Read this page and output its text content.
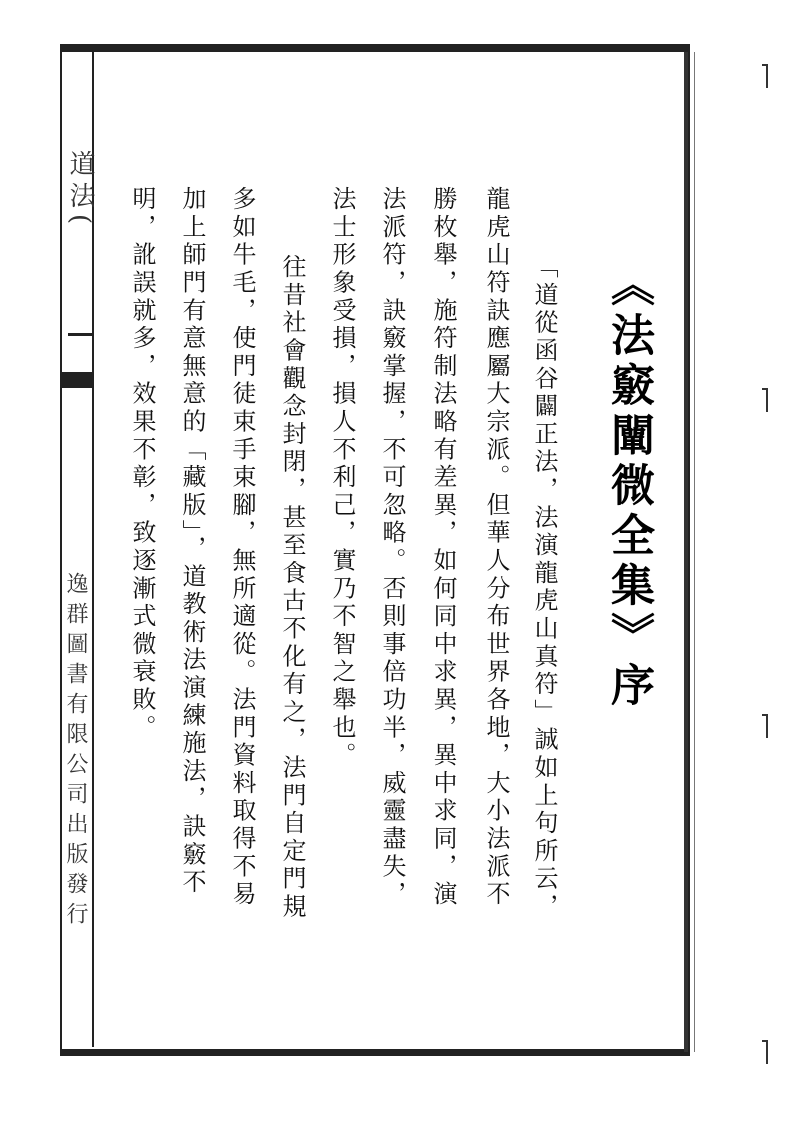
道法(
逸群圖書有限公司出版發行
《法竅闡微全集》序
「道從函谷闢正法，法演龍虎山真符」誠如上句所云，
龍虎山符訣應屬大宗派。但華人分布世界各地，大小法派不
勝枚舉，施符制法略有差異，如何同中求異，異中求同，演
法派符，訣竅掌握，不可忽略。否則事倍功半，威靈盡失，
法士形象受損，損人不利己，實乃不智之舉也。
往昔社會觀念封閉，甚至食古不化有之，法門自定門規
多如牛毛，使門徒束手束腳，無所適從。法門資料取得不易
加上師門有意無意的「藏版」，道教術法演練施法，訣竅不
明，訛誤就多，效果不彰，致逐漸式微衰敗。
